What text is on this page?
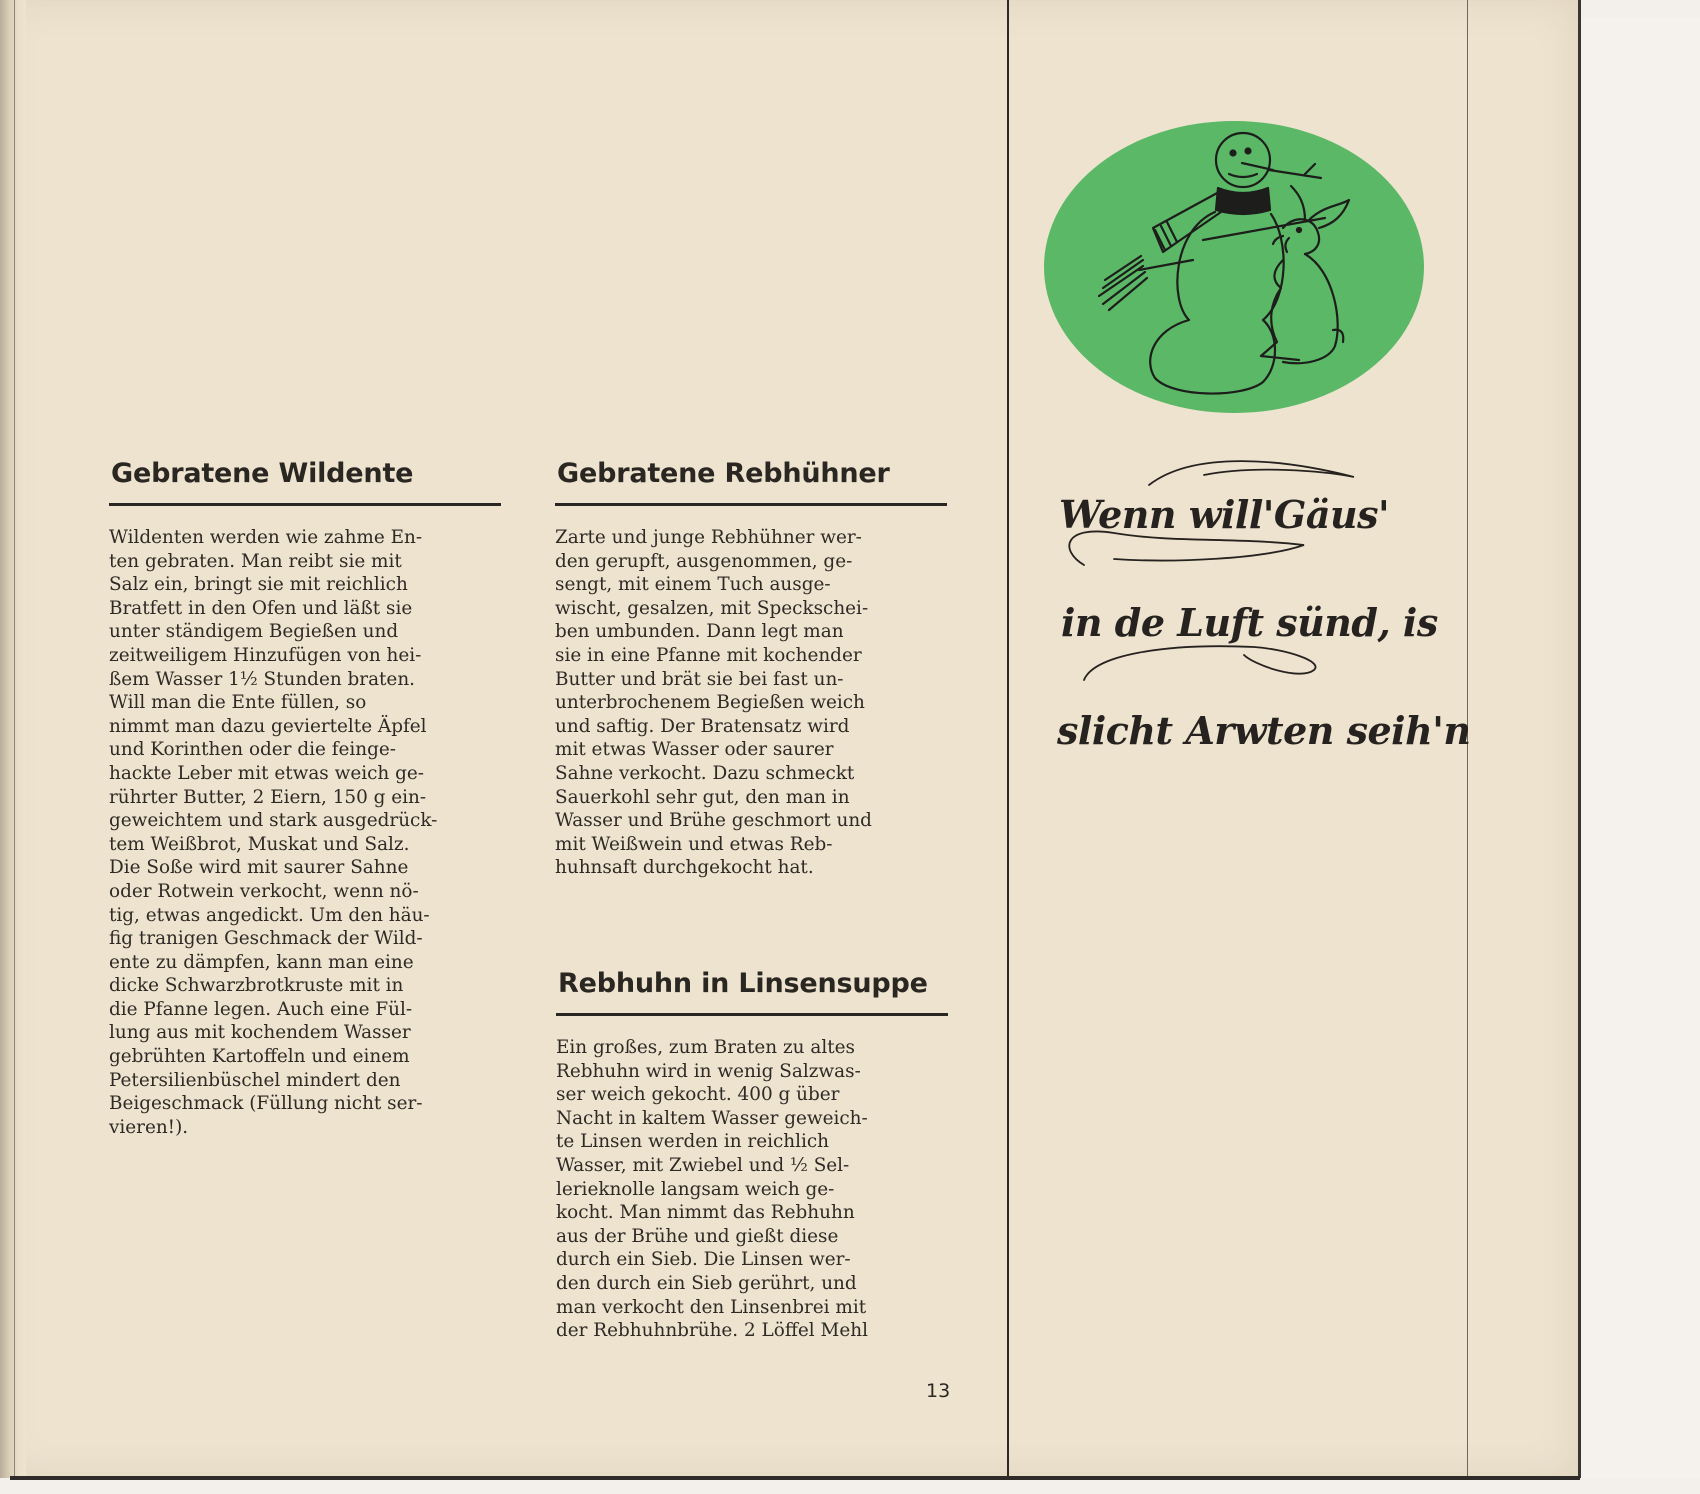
Gebratene Wildente

Wildenten werden wie zahme En-
ten gebraten. Man reibt sie mit
Salz ein, bringt sie mit reichlich
Bratfett in den Ofen und läßt sie
unter ständigem Begießen und
zeitweiligem Hinzufügen von hei-
ßem Wasser 1½ Stunden braten.
Will man die Ente füllen, so
nimmt man dazu geviertelte Äpfel
und Korinthen oder die feinge-
hackte Leber mit etwas weich ge-
rührter Butter, 2 Eiern, 150 g ein-
geweichtem und stark ausgedrück-
tem Weißbrot, Muskat und Salz.
Die Soße wird mit saurer Sahne
oder Rotwein verkocht, wenn nö-
tig, etwas angedickt. Um den häu-
fig tranigen Geschmack der Wild-
ente zu dämpfen, kann man eine
dicke Schwarzbrotkruste mit in
die Pfanne legen. Auch eine Fül-
lung aus mit kochendem Wasser
gebrühten Kartoffeln und einem
Petersilienbüschel mindert den
Beigeschmack (Füllung nicht ser-
vieren!).

Gebratene Rebhühner

Zarte und junge Rebhühner wer-
den gerupft, ausgenommen, ge-
sengt, mit einem Tuch ausge-
wischt, gesalzen, mit Speckschei-
ben umbunden. Dann legt man
sie in eine Pfanne mit kochender
Butter und brät sie bei fast un-
unterbrochenem Begießen weich
und saftig. Der Bratensatz wird
mit etwas Wasser oder saurer
Sahne verkocht. Dazu schmeckt
Sauerkohl sehr gut, den man in
Wasser und Brühe geschmort und
mit Weißwein und etwas Reb-
huhnsaft durchgekocht hat.

Rebhuhn in Linsensuppe

Ein großes, zum Braten zu altes
Rebhuhn wird in wenig Salzwas-
ser weich gekocht. 400 g über
Nacht in kaltem Wasser geweich-
te Linsen werden in reichlich
Wasser, mit Zwiebel und ½ Sel-
lerieknolle langsam weich ge-
kocht. Man nimmt das Rebhuhn
aus der Brühe und gießt diese
durch ein Sieb. Die Linsen wer-
den durch ein Sieb gerührt, und
man verkocht den Linsenbrei mit
der Rebhuhnbrühe. 2 Löffel Mehl

13
Wenn will'Gäus'
in de Luft sünd, is
slicht Arwten seih'n
